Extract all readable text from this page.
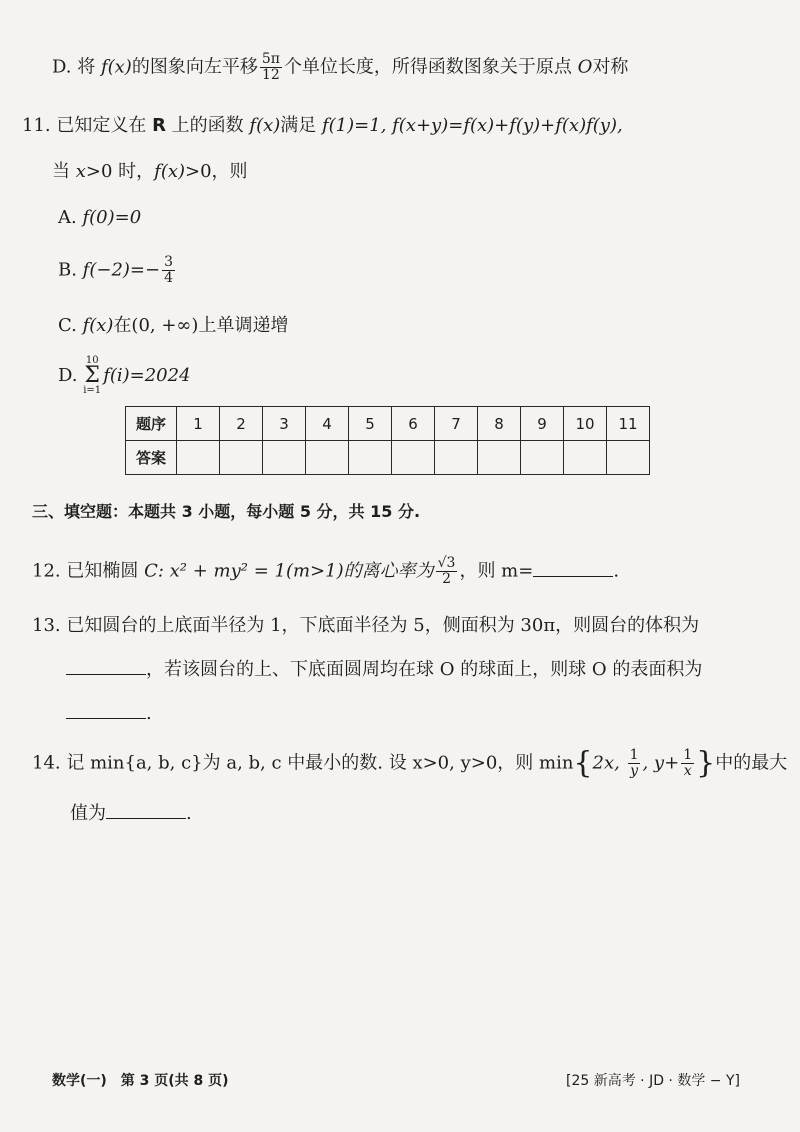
D. 将 f(x)的图象向左平移 $\frac{5\pi}{12}$ 个单位长度，所得函数图象关于原点 O对称
11. 已知定义在 R 上的函数 f(x)满足 f(1)=1, f(x+y)=f(x)+f(y)+f(x)f(y),
当 x>0 时，f(x)>0，则
A. f(0)=0
B. $f(-2)=- \frac{3}{4}$
C. f(x)在(0, +∞)上单调递增
D.
10
Σ
i=1
f(i)=2024
题序	1	2	3	4	5	6	7	8	9	10	11
答案											
三、填空题：本题共 3 小题，每小题 5 分，共 15 分.
12. 已知椭圆 C: x² + my² = 1(m>1)的离心率为 $\frac{√3}{2}$ ，则 m=	.
13. 已知圆台的上底面半径为 1，下底面半径为 5，侧面积为 30π，则圆台的体积为
，若该圆台的上、下底面圆周均在球 O 的球面上，则球 O 的表面积为
.
14. 记 min{a, b, c}为 a, b, c 中最小的数. 设 x>0, y>0，则 min{2x, $\frac{1}{y}$ , $y+ \frac{1}{x}$ }中的最大
值为	.
数学(一)　第 3 页(共 8 页)	[25 新高考 · JD · 数学 − Y]
